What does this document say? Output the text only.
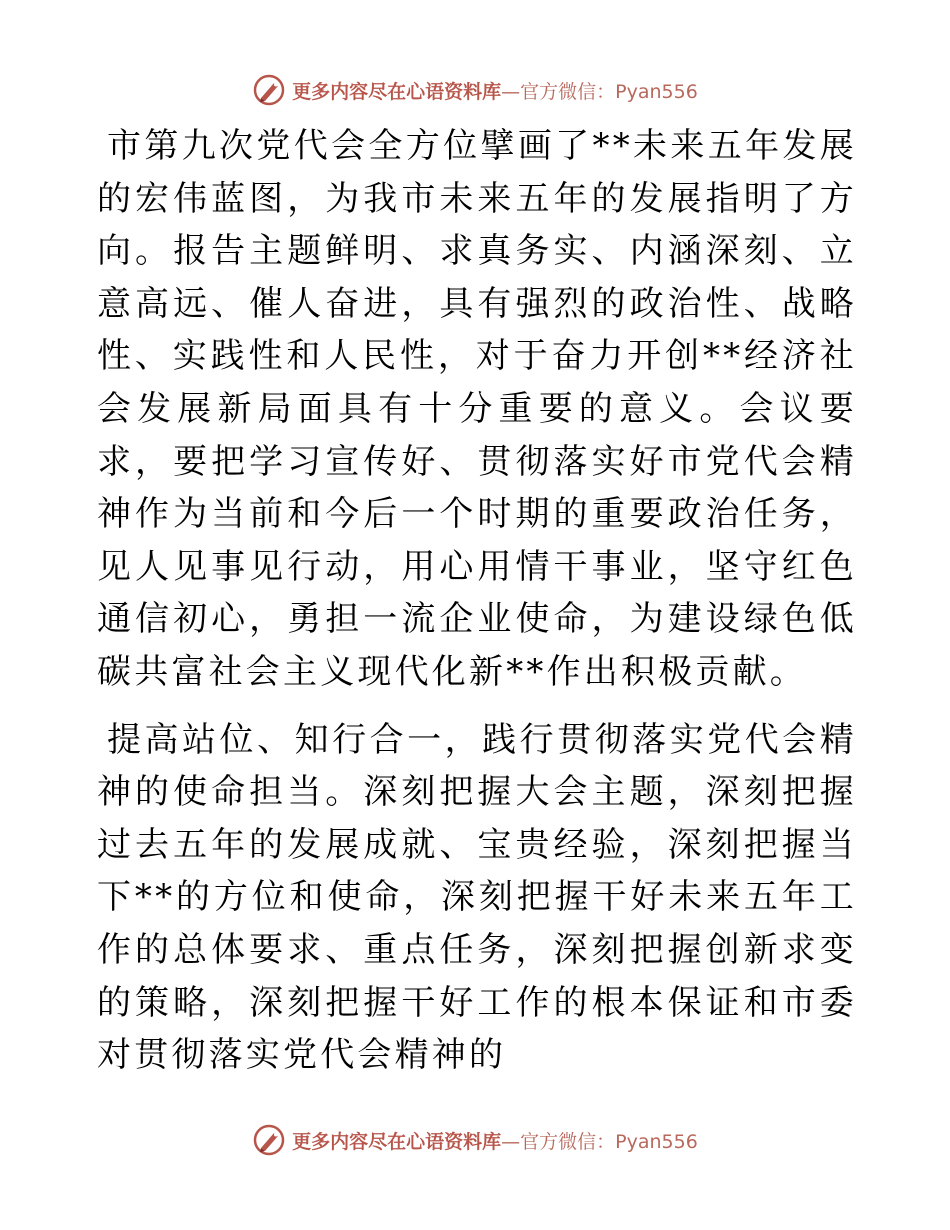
更多内容尽在心语资料库—官方微信：Pyan556

市第九次党代会全方位擘画了**未来五年发展的宏伟蓝图，为我市未来五年的发展指明了方向。报告主题鲜明、求真务实、内涵深刻、立意高远、催人奋进，具有强烈的政治性、战略性、实践性和人民性，对于奋力开创**经济社会发展新局面具有十分重要的意义。会议要求，要把学习宣传好、贯彻落实好市党代会精神作为当前和今后一个时期的重要政治任务，见人见事见行动，用心用情干事业，坚守红色通信初心，勇担一流企业使命，为建设绿色低碳共富社会主义现代化新**作出积极贡献。

提高站位、知行合一，践行贯彻落实党代会精神的使命担当。深刻把握大会主题，深刻把握过去五年的发展成就、宝贵经验，深刻把握当下**的方位和使命，深刻把握干好未来五年工作的总体要求、重点任务，深刻把握创新求变的策略，深刻把握干好工作的根本保证和市委对贯彻落实党代会精神的

更多内容尽在心语资料库—官方微信：Pyan556
